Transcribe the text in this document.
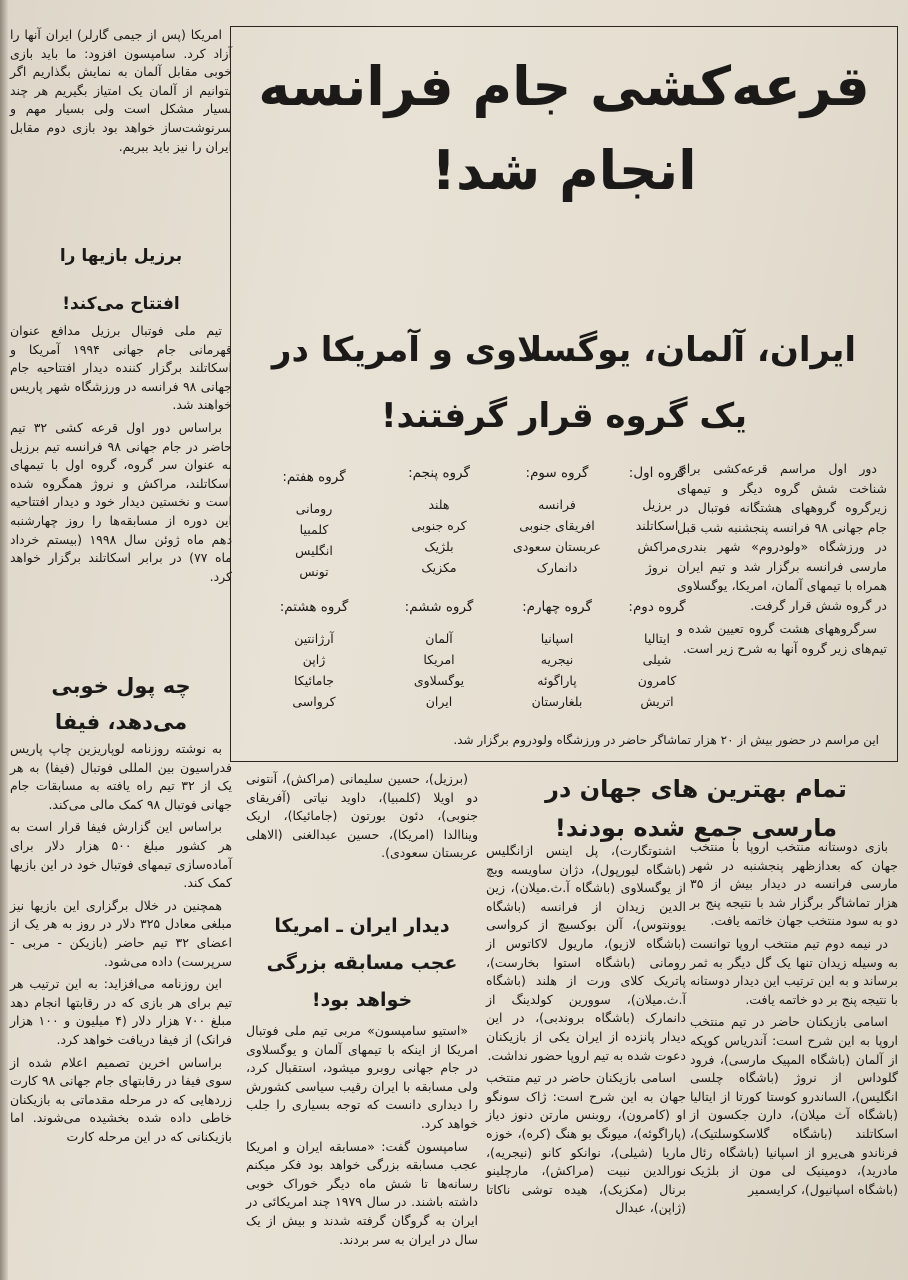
امریکا (پس از جیمی گارلر) ایران آنها را آزاد کرد. سامپسون افزود: ما باید بازی خوبی مقابل آلمان به نمایش بگذاریم اگر بتوانیم از آلمان یک امتیاز بگیریم هر چند بسیار مشکل است ولی بسیار مهم و سرنوشت‌ساز خواهد بود بازی دوم مقابل ایران را نیز باید ببریم.

برزیل بازیها را
افتتاح می‌کند!

تیم ملی فوتبال برزیل مدافع عنوان قهرمانی جام جهانی ۱۹۹۴ آمریکا و اسکاتلند برگزار کننده دیدار افتتاحیه جام جهانی ۹۸ فرانسه در ورزشگاه شهر پاریس خواهند شد.

براساس دور اول قرعه کشی ۳۲ تیم حاضر در جام جهانی ۹۸ فرانسه تیم برزیل به عنوان سر گروه، گروه اول با تیمهای اسکاتلند، مراکش و نروژ همگروه شده است و نخستین دیدار خود و دیدار افتتاحیه این دوره از مسابقه‌ها را روز چهارشنبه دهم ماه ژوئن سال ۱۹۹۸ (بیستم خرداد ماه ۷۷) در برابر اسکاتلند برگزار خواهد کرد.

چه پول خوبی
می‌دهد، فیفا

به نوشته روزنامه لوپاریزین چاپ پاریس فدراسیون بین المللی فوتبال (فیفا) به هر یک از ۳۲ تیم راه یافته به مسابقات جام جهانی فوتبال ۹۸ کمک مالی می‌کند.

براساس این گزارش فیفا قرار است به هر کشور مبلغ ۵۰۰ هزار دلار برای آماده‌سازی تیمهای فوتبال خود در این بازیها کمک کند.

همچنین در خلال برگزاری این بازیها نیز مبلغی معادل ۳۲۵ دلار در روز به هر یک از اعضای ۳۲ تیم حاضر (بازیکن - مربی - سرپرست) داده می‌شود.

این روزنامه می‌افزاید: به این ترتیب هر تیم برای هر بازی که در رقابتها انجام دهد مبلغ ۷۰۰ هزار دلار (۴ میلیون و ۱۰۰ هزار فرانک) از فیفا دریافت خواهد کرد.

براساس اخرین تصمیم اعلام شده از سوی فیفا در رقابتهای جام جهانی ۹۸ کارت زردهایی که در مرحله مقدماتی به بازیکنان خاطی داده شده بخشیده می‌شوند. اما بازیکنانی که در این مرحله کارت

قرعه‌کشی جام فرانسه
انجام شد!
ایران، آلمان، یوگسلاوی و آمریکا در
یک گروه قرار گرفتند!

دور اول مراسم قرعه‌کشی برای شناخت شش گروه دیگر و تیمهای زیرگروه گروههای هشتگانه فوتبال در جام جهانی ۹۸ فرانسه پنجشنبه شب قبل در ورزشگاه «ولودروم» شهر بندری مارسی فرانسه برگزار شد و تیم ایران همراه با تیمهای آلمان، امریکا، یوگسلاوی در گروه شش قرار گرفت.

سرگروههای هشت گروه تعیین شده و تیم‌های زیر گروه آنها به شرح زیر است.

گروه اول:
برزیل
اسکاتلند
مراکش
نروژ
گروه سوم:
فرانسه
افریقای جنوبی
عربستان سعودی
دانمارک
گروه پنجم:
هلند
کره جنوبی
بلژیک
مکزیک
گروه هفتم:
رومانی
کلمبیا
انگلیس
تونس
گروه دوم:
ایتالیا
شیلی
کامرون
اتریش
گروه چهارم:
اسپانیا
نیجریه
پاراگوئه
بلغارستان
گروه ششم:
آلمان
امریکا
یوگسلاوی
ایران
گروه هشتم:
آرژانتین
ژاپن
جامائیکا
کرواسی
این مراسم در حضور بیش از ۲۰ هزار تماشاگر حاضر در ورزشگاه ولودروم برگزار شد.
تمام بهترین های جهان در
مارسی جمع شده بودند!

بازی دوستانه منتخب اروپا با منتخب جهان که بعدازظهر پنجشنبه در شهر مارسی فرانسه در دیدار بیش از ۳۵ هزار تماشاگر برگزار شد با نتیجه پنج بر دو به سود منتخب جهان خاتمه یافت.

در نیمه دوم تیم منتخب اروپا توانست به وسیله زیدان تنها یک گل دیگر به ثمر برساند و به این ترتیب این دیدار دوستانه با نتیجه پنج بر دو خاتمه یافت.

اسامی بازیکنان حاضر در تیم منتخب اروپا به این شرح است: آندریاس کوپکه از آلمان (باشگاه المپیک مارسی)، فرود گلوداس از نروژ (باشگاه چلسی انگلیس)، الساندرو کوستا کورتا از ایتالیا (باشگاه آث میلان)، دارن جکسون از اسکاتلند (باشگاه گلاسکوسلتیک)، فرناندو هی‌یرو از اسپانیا (باشگاه رئال مادرید)، دومینیک لی مون از بلژیک (باشگاه اسپانیول)، کرایسمیر

اشتوتگارت)، پل اینس ازانگلیس (باشگاه لیورپول)، دژان ساویسه ویچ از یوگسلاوی (باشگاه آ.ث.میلان)، زین الدین زیدان از فرانسه (باشگاه یوونتوس)، آلن بوکسیچ از کرواسی (باشگاه لازیو)، ماریول لاکاتوس از رومانی (باشگاه استوا بخارست)، پاتریک کلای ورت از هلند (باشگاه آ.ث.میلان)، سوورین کولدینگ از دانمارک (باشگاه بروندبی)، در این دیدار پانزده از ایران یکی از بازیکنان دعوت شده به تیم اروپا حضور نداشت.

اسامی بازیکنان حاضر در تیم منتخب جهان به این شرح است: ژاک سونگو او (کامرون)، روبنس مارتن دنوز دیاز (پاراگوئه)، میونگ بو هنگ (کره)، خوزه ماریا (شیلی)، نوانکو کانو (نیجریه)، نورالدین نبیت (مراکش)، مارچلینو برنال (مکزیک)، هیده توشی ناکاتا (ژاپن)، عبدال

(برزیل)، حسین سلیمانی (مراکش)، آنتونی دو اویلا (کلمبیا)، داوید نیاتی (آفریقای جنوبی)، دئون بورتون (جامائیکا)، اریک ویناالدا (امریکا)، حسین عبدالغنی (الاهلی عربستان سعودی).

دیدار ایران ـ امریکا
عجب مسابقه بزرگی
خواهد بود!

«استیو سامپسون» مربی تیم ملی فوتبال امریکا از اینکه با تیمهای آلمان و یوگسلاوی در جام جهانی روبرو میشود، استقبال کرد، ولی مسابقه با ایران رقیب سیاسی کشورش را دیداری دانست که توجه بسیاری را جلب خواهد کرد.

سامپسون گفت: «مسابقه ایران و امریکا عجب مسابقه بزرگی خواهد بود فکر میکنم رسانه‌ها تا شش ماه دیگر خوراک خوبی داشته باشند. در سال ۱۹۷۹ چند امریکائی در ایران به گروگان گرفته شدند و بیش از یک سال در ایران به سر بردند.
